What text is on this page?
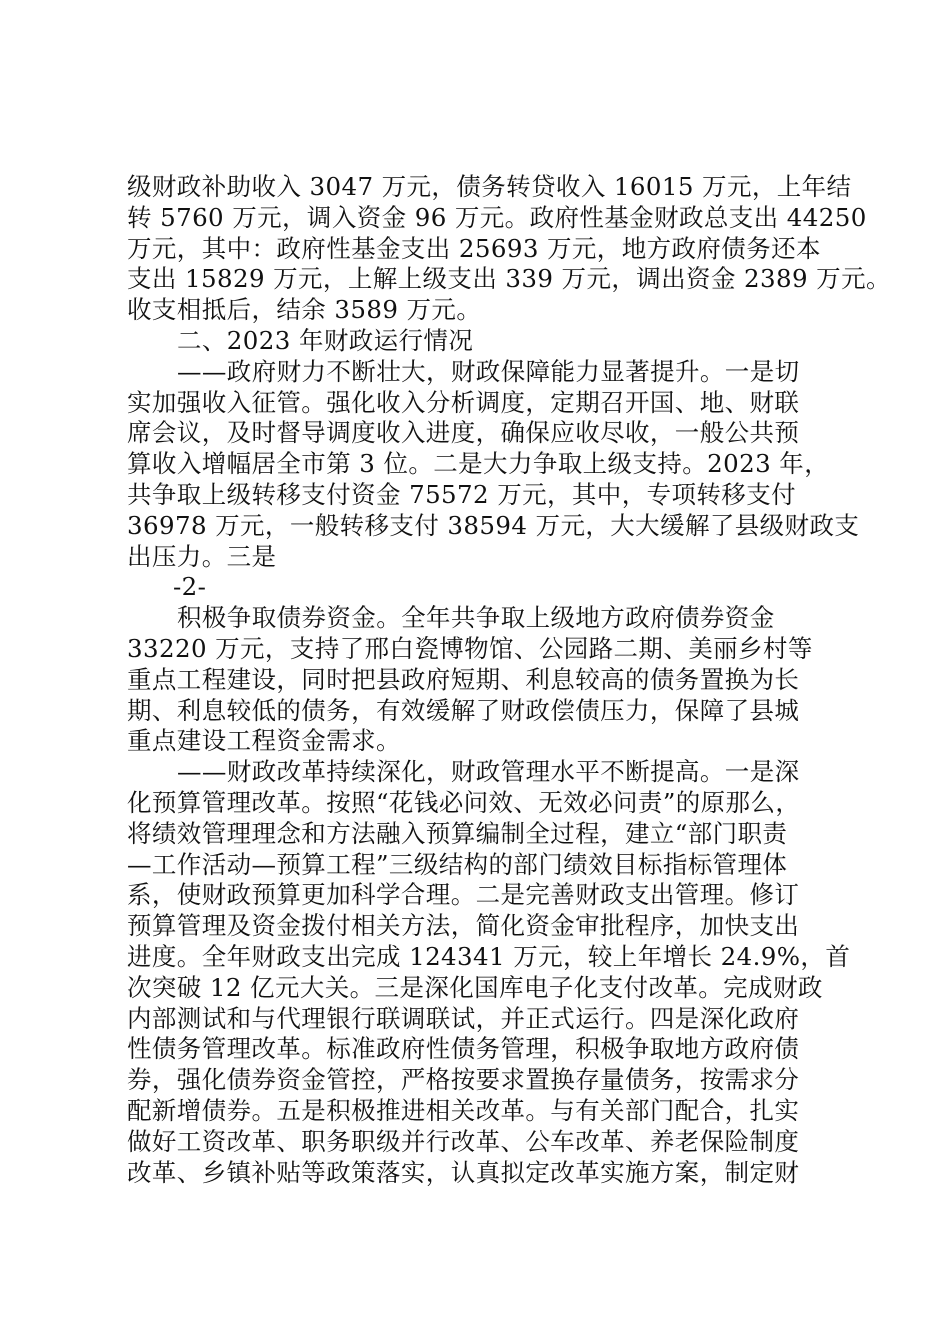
级财政补助收入 3047 万元，债务转贷收入 16015 万元，上年结
转 5760 万元，调入资金 96 万元。政府性基金财政总支出 44250
万元，其中：政府性基金支出 25693 万元，地方政府债务还本
支出 15829 万元，上解上级支出 339 万元，调出资金 2389 万元。
收支相抵后，结余 3589 万元。
二、2023 年财政运行情况
——政府财力不断壮大，财政保障能力显著提升。一是切
实加强收入征管。强化收入分析调度，定期召开国、地、财联
席会议，及时督导调度收入进度，确保应收尽收，一般公共预
算收入增幅居全市第 3 位。二是大力争取上级支持。2023 年，
共争取上级转移支付资金 75572 万元，其中，专项转移支付
36978 万元，一般转移支付 38594 万元，大大缓解了县级财政支
出压力。三是
-2-
积极争取债券资金。全年共争取上级地方政府债券资金
33220 万元，支持了邢白瓷博物馆、公园路二期、美丽乡村等
重点工程建设，同时把县政府短期、利息较高的债务置换为长
期、利息较低的债务，有效缓解了财政偿债压力，保障了县城
重点建设工程资金需求。
——财政改革持续深化，财政管理水平不断提高。一是深
化预算管理改革。按照“花钱必问效、无效必问责”的原那么，
将绩效管理理念和方法融入预算编制全过程，建立“部门职责
—工作活动—预算工程”三级结构的部门绩效目标指标管理体
系，使财政预算更加科学合理。二是完善财政支出管理。修订
预算管理及资金拨付相关方法，简化资金审批程序，加快支出
进度。全年财政支出完成 124341 万元，较上年增长 24.9%，首
次突破 12 亿元大关。三是深化国库电子化支付改革。完成财政
内部测试和与代理银行联调联试，并正式运行。四是深化政府
性债务管理改革。标准政府性债务管理，积极争取地方政府债
券，强化债券资金管控，严格按要求置换存量债务，按需求分
配新增债券。五是积极推进相关改革。与有关部门配合，扎实
做好工资改革、职务职级并行改革、公车改革、养老保险制度
改革、乡镇补贴等政策落实，认真拟定改革实施方案，制定财
